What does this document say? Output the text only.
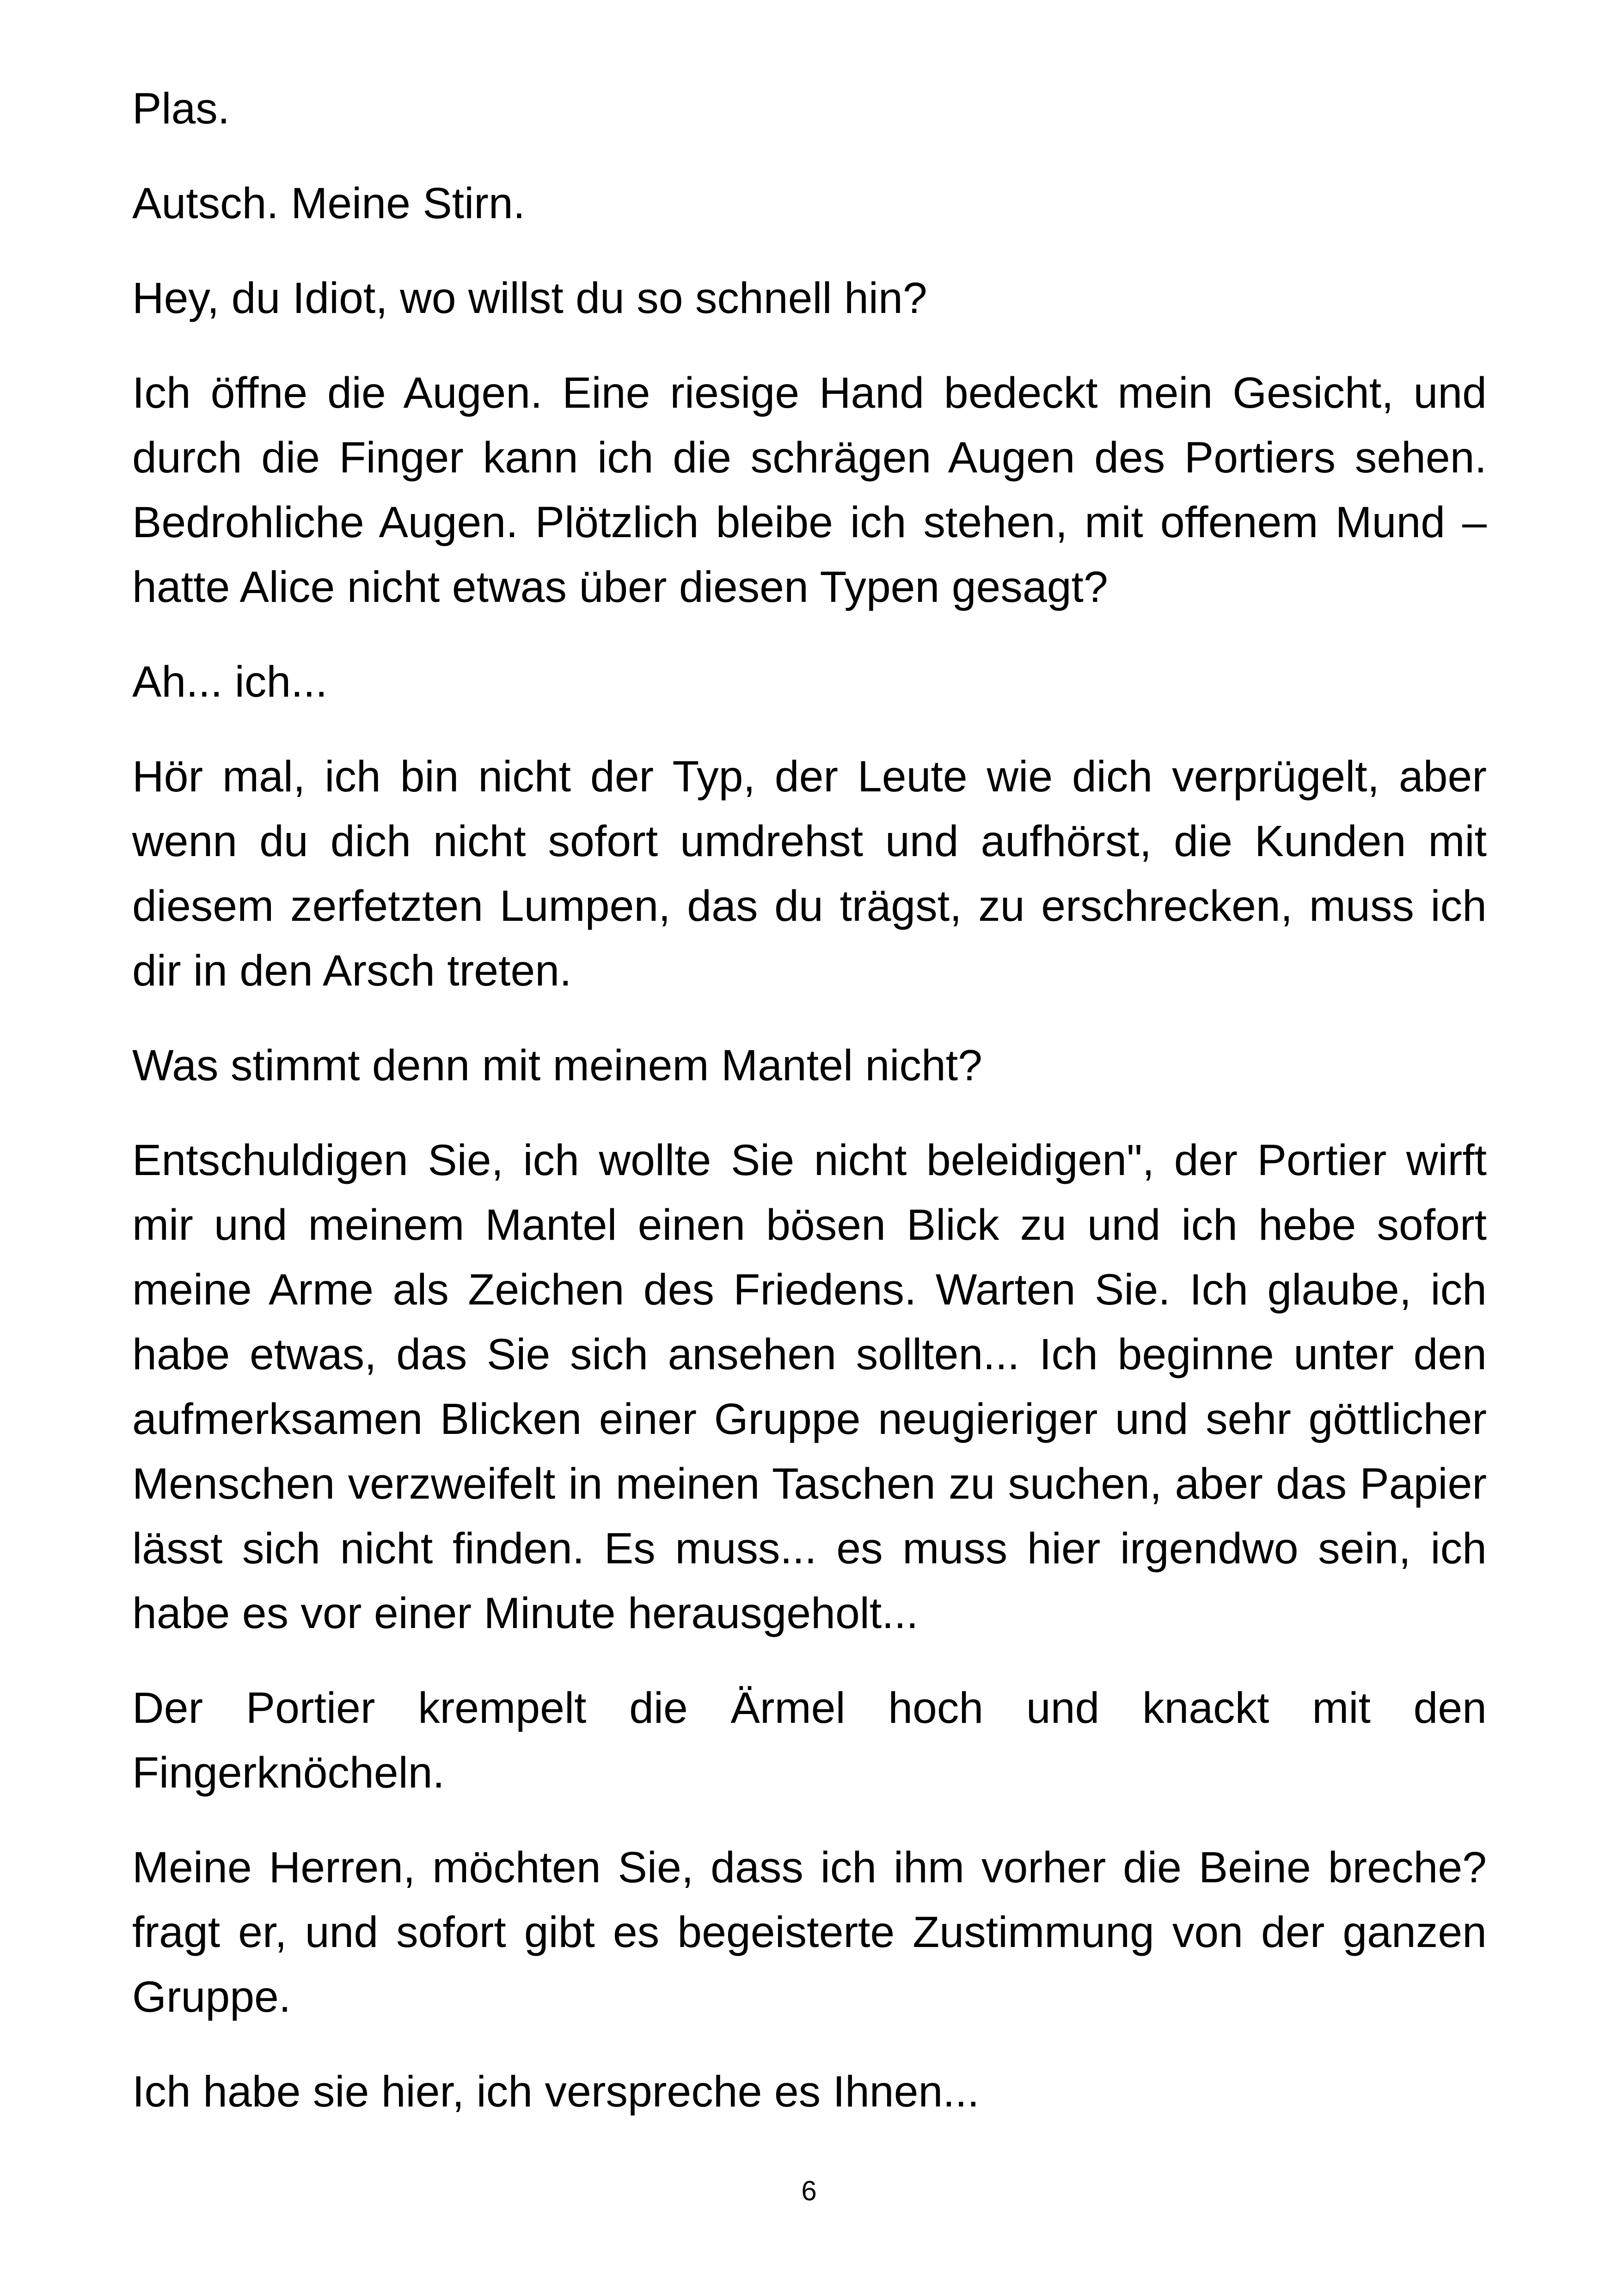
Plas.

Autsch. Meine Stirn.

Hey, du Idiot, wo willst du so schnell hin?

Ich öffne die Augen. Eine riesige Hand bedeckt mein Gesicht, und durch die Finger kann ich die schrägen Augen des Portiers sehen. Bedrohliche Augen. Plötzlich bleibe ich stehen, mit offenem Mund – hatte Alice nicht etwas über diesen Typen gesagt?

Ah... ich...

Hör mal, ich bin nicht der Typ, der Leute wie dich verprügelt, aber wenn du dich nicht sofort umdrehst und aufhörst, die Kunden mit diesem zerfetzten Lumpen, das du trägst, zu erschrecken, muss ich dir in den Arsch treten.

Was stimmt denn mit meinem Mantel nicht?

Entschuldigen Sie, ich wollte Sie nicht beleidigen", der Portier wirft mir und meinem Mantel einen bösen Blick zu und ich hebe sofort meine Arme als Zeichen des Friedens. Warten Sie. Ich glaube, ich habe etwas, das Sie sich ansehen sollten... Ich beginne unter den aufmerksamen Blicken einer Gruppe neugieriger und sehr göttlicher Menschen verzweifelt in meinen Taschen zu suchen, aber das Papier lässt sich nicht finden. Es muss... es muss hier irgendwo sein, ich habe es vor einer Minute herausgeholt...

Der Portier krempelt die Ärmel hoch und knackt mit den Fingerknöcheln.

Meine Herren, möchten Sie, dass ich ihm vorher die Beine breche? fragt er, und sofort gibt es begeisterte Zustimmung von der ganzen Gruppe.

Ich habe sie hier, ich verspreche es Ihnen...

6
